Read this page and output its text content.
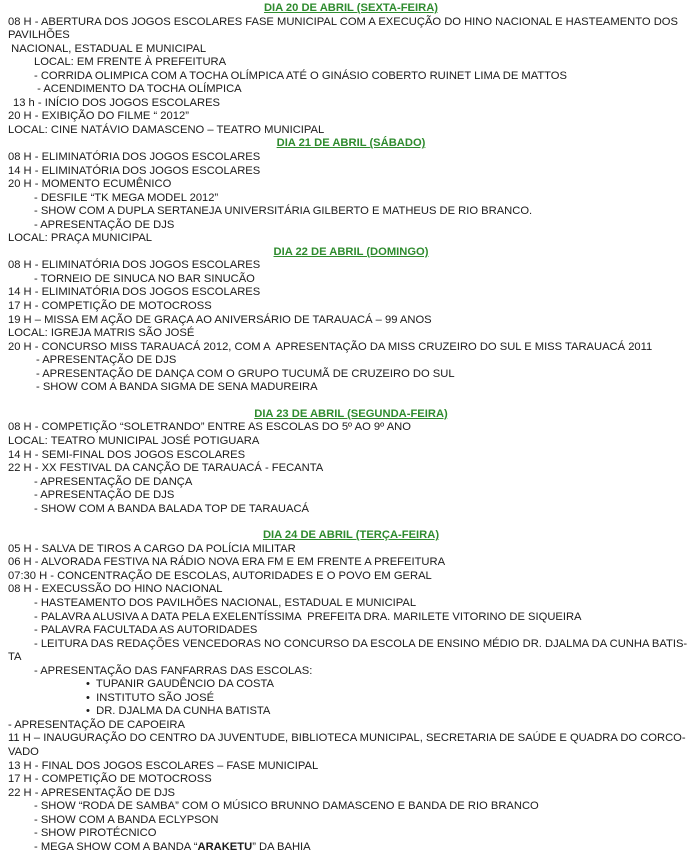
DIA 20 DE ABRIL (SEXTA-FEIRA)
08 H - ABERTURA DOS JOGOS ESCOLARES FASE MUNICIPAL COM A EXECUÇÃO DO HINO NACIONAL E HASTEAMENTO DOS PAVILHÕES
NACIONAL, ESTADUAL E MUNICIPAL
LOCAL: EM FRENTE À PREFEITURA
- CORRIDA OLIMPICA COM A TOCHA OLÍMPICA ATÉ O GINÁSIO COBERTO RUINET LIMA DE MATTOS
- ACENDIMENTO DA TOCHA OLÍMPICA
13 h - INÍCIO DOS JOGOS ESCOLARES
20 H - EXIBIÇÃO DO FILME “ 2012”
LOCAL: CINE NATÁVIO DAMASCENO – TEATRO MUNICIPAL
DIA 21 DE ABRIL (SÁBADO)
08 H - ELIMINATÓRIA DOS JOGOS ESCOLARES
14 H - ELIMINATÓRIA DOS JOGOS ESCOLARES
20 H - MOMENTO ECUMÊNICO
- DESFILE “TK MEGA MODEL 2012”
- SHOW COM A DUPLA SERTANEJA UNIVERSITÁRIA GILBERTO E MATHEUS DE RIO BRANCO.
- APRESENTAÇÃO DE DJS
LOCAL: PRAÇA MUNICIPAL
DIA 22 DE ABRIL (DOMINGO)
08 H - ELIMINATÓRIA DOS JOGOS ESCOLARES
- TORNEIO DE SINUCA NO BAR SINUCÃO
14 H - ELIMINATÓRIA DOS JOGOS ESCOLARES
17 H - COMPETIÇÃO DE MOTOCROSS
19 H – MISSA EM AÇÃO DE GRAÇA AO ANIVERSÁRIO DE TARAUACÁ – 99 ANOS
LOCAL: IGREJA MATRIS SÃO JOSÉ
20 H - CONCURSO MISS TARAUACÁ 2012, COM A  APRESENTAÇÃO DA MISS CRUZEIRO DO SUL E MISS TARAUACÁ 2011
- APRESENTAÇÃO DE DJS
- APRESENTAÇÃO DE DANÇA COM O GRUPO TUCUMÃ DE CRUZEIRO DO SUL
- SHOW COM A BANDA SIGMA DE SENA MADUREIRA
DIA 23 DE ABRIL (SEGUNDA-FEIRA)
08 H - COMPETIÇÃO “SOLETRANDO” ENTRE AS ESCOLAS DO 5º AO 9º ANO
LOCAL: TEATRO MUNICIPAL JOSÉ POTIGUARA
14 H - SEMI-FINAL DOS JOGOS ESCOLARES
22 H - XX FESTIVAL DA CANÇÃO DE TARAUACÁ - FECANTA
- APRESENTAÇÃO DE DANÇA
- APRESENTAÇÃO DE DJS
- SHOW COM A BANDA BALADA TOP DE TARAUACÁ
DIA 24 DE ABRIL (TERÇA-FEIRA)
05 H - SALVA DE TIROS A CARGO DA POLÍCIA MILITAR
06 H - ALVORADA FESTIVA NA RÁDIO NOVA ERA FM E EM FRENTE A PREFEITURA
07:30 H - CONCENTRAÇÃO DE ESCOLAS, AUTORIDADES E O POVO EM GERAL
08 H - EXECUSSÃO DO HINO NACIONAL
- HASTEAMENTO DOS PAVILHÕES NACIONAL, ESTADUAL E MUNICIPAL
- PALAVRA ALUSIVA A DATA PELA EXELENTÍSSIMA  PREFEITA DRA. MARILETE VITORINO DE SIQUEIRA
- PALAVRA FACULTADA AS AUTORIDADES
- LEITURA DAS REDAÇÕES VENCEDORAS NO CONCURSO DA ESCOLA DE ENSINO MÉDIO DR. DJALMA DA CUNHA BATIS-
TA
- APRESENTAÇÃO DAS FANFARRAS DAS ESCOLAS:
•  TUPANIR GAUDÊNCIO DA COSTA
•  INSTITUTO SÃO JOSÉ
•  DR. DJALMA DA CUNHA BATISTA
- APRESENTAÇÃO DE CAPOEIRA
11 H – INAUGURAÇÃO DO CENTRO DA JUVENTUDE, BIBLIOTECA MUNICIPAL, SECRETARIA DE SAÚDE E QUADRA DO CORCO-
VADO
13 H - FINAL DOS JOGOS ESCOLARES – FASE MUNICIPAL
17 H - COMPETIÇÃO DE MOTOCROSS
22 H - APRESENTAÇÃO DE DJS
- SHOW “RODA DE SAMBA” COM O MÚSICO BRUNNO DAMASCENO E BANDA DE RIO BRANCO
- SHOW COM A BANDA ECLYPSON
- SHOW PIROTÉCNICO
- MEGA SHOW COM A BANDA “ARAKETU” DA BAHIA
